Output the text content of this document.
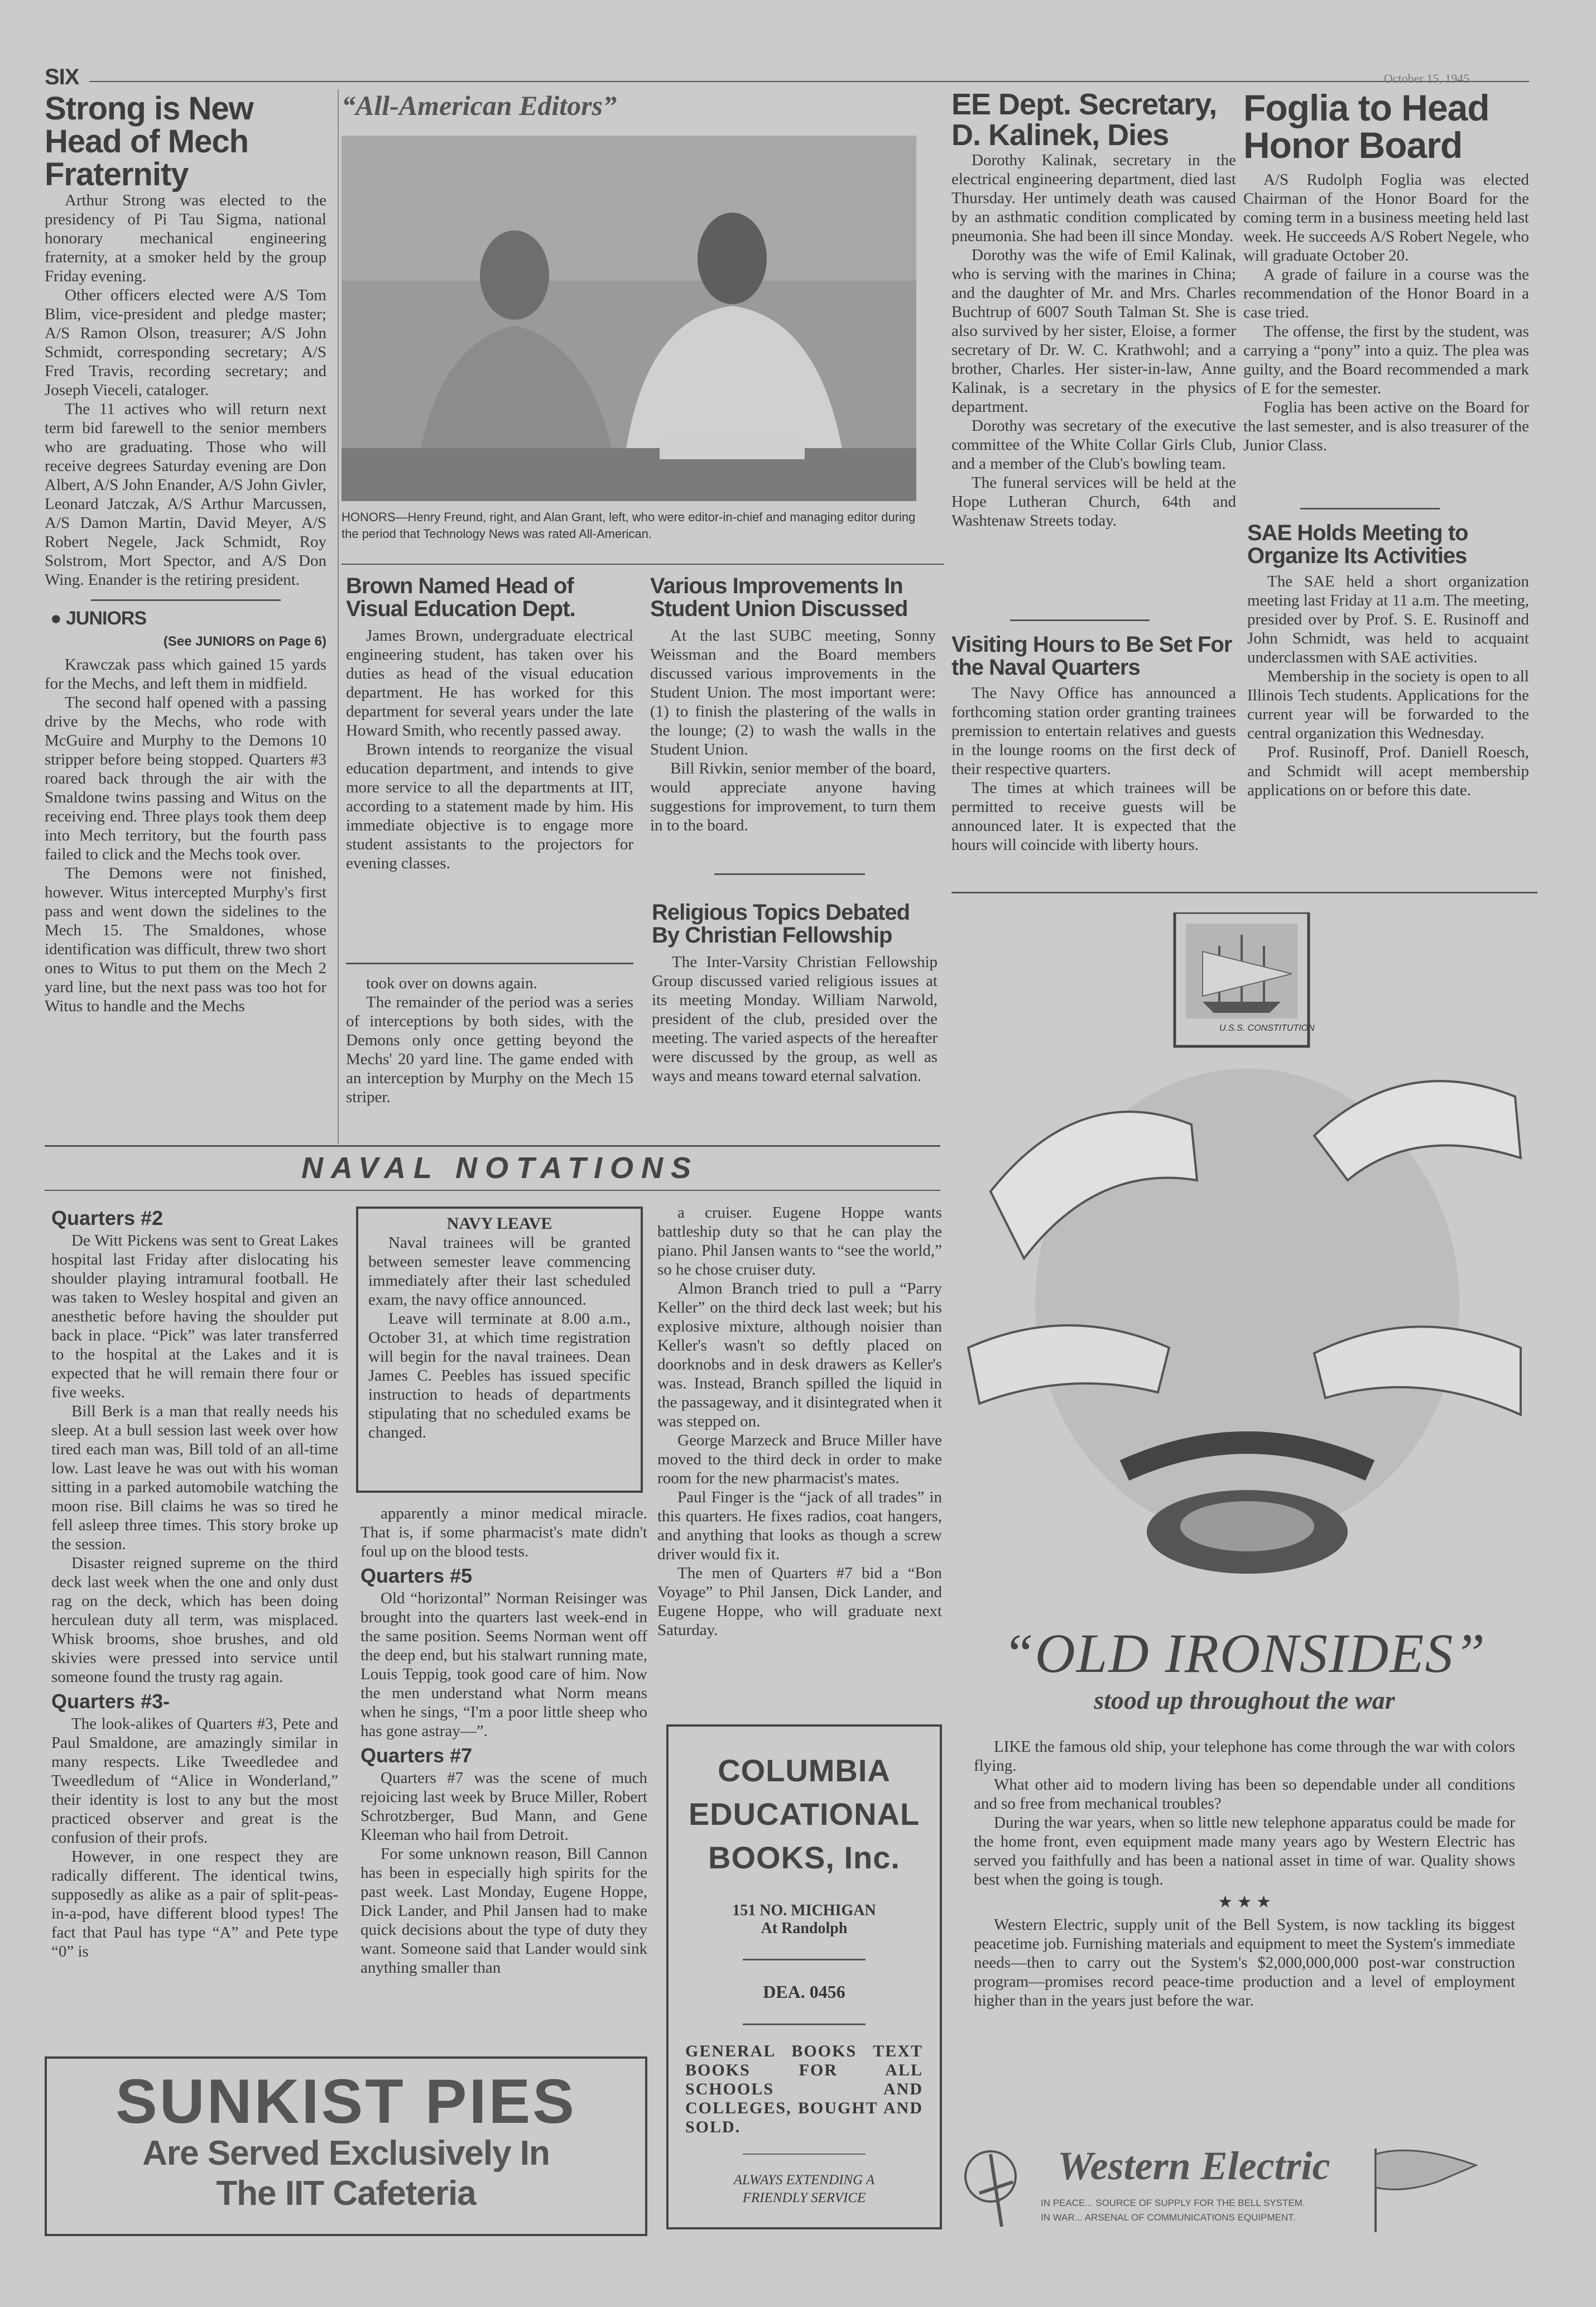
SIX	October 15, 1945
Strong is New Head of Mech Fraternity

Arthur Strong was elected to the presidency of Pi Tau Sigma, national honorary mechanical engineering fraternity, at a smoker held by the group Friday evening.

Other officers elected were A/S Tom Blim, vice-president and pledge master; A/S Ramon Olson, treasurer; A/S John Schmidt, corresponding secretary; A/S Fred Travis, recording secretary; and Joseph Vieceli, cataloger.

The 11 actives who will return next term bid farewell to the senior members who are graduating. Those who will receive degrees Saturday evening are Don Albert, A/S John Enander, A/S John Givler, Leonard Jatczak, A/S Arthur Marcussen, A/S Damon Martin, David Meyer, A/S Robert Negele, Jack Schmidt, Roy Solstrom, Mort Spector, and A/S Don Wing. Enander is the retiring president.

● JUNIORS
(See JUNIORS on Page 6)

Krawczak pass which gained 15 yards for the Mechs, and left them in midfield.

The second half opened with a passing drive by the Mechs, who rode with McGuire and Murphy to the Demons 10 stripper before being stopped. Quarters #3 roared back through the air with the Smaldone twins passing and Witus on the receiving end. Three plays took them deep into Mech territory, but the fourth pass failed to click and the Mechs took over.

The Demons were not finished, however. Witus intercepted Murphy's first pass and went down the sidelines to the Mech 15. The Smaldones, whose identification was difficult, threw two short ones to Witus to put them on the Mech 2 yard line, but the next pass was too hot for Witus to handle and the Mechs

“All-American Editors”
HONORS—Henry Freund, right, and Alan Grant, left, who were editor-in-chief and managing editor during the period that Technology News was rated All-American.
Brown Named Head of Visual Education Dept.

James Brown, undergraduate electrical engineering student, has taken over his duties as head of the visual education department. He has worked for this department for several years under the late Howard Smith, who recently passed away.

Brown intends to reorganize the visual education department, and intends to give more service to all the departments at IIT, according to a statement made by him. His immediate objective is to engage more student assistants to the projectors for evening classes.

took over on downs again.

The remainder of the period was a series of interceptions by both sides, with the Demons only once getting beyond the Mechs' 20 yard line. The game ended with an interception by Murphy on the Mech 15 striper.

Various Improvements In Student Union Discussed

At the last SUBC meeting, Sonny Weissman and the Board members discussed various improvements in the Student Union. The most important were: (1) to finish the plastering of the walls in the lounge; (2) to wash the walls in the Student Union.

Bill Rivkin, senior member of the board, would appreciate anyone having suggestions for improvement, to turn them in to the board.

Religious Topics Debated By Christian Fellowship

The Inter-Varsity Christian Fellowship Group discussed varied religious issues at its meeting Monday. William Narwold, president of the club, presided over the meeting. The varied aspects of the hereafter were discussed by the group, as well as ways and means toward eternal salvation.

EE Dept. Secretary, D. Kalinek, Dies

Dorothy Kalinak, secretary in the electrical engineering department, died last Thursday. Her untimely death was caused by an asthmatic condition complicated by pneumonia. She had been ill since Monday.

Dorothy was the wife of Emil Kalinak, who is serving with the marines in China; and the daughter of Mr. and Mrs. Charles Buchtrup of 6007 South Talman St. She is also survived by her sister, Eloise, a former secretary of Dr. W. C. Krathwohl; and a brother, Charles. Her sister-in-law, Anne Kalinak, is a secretary in the physics department.

Dorothy was secretary of the executive committee of the White Collar Girls Club, and a member of the Club's bowling team.

The funeral services will be held at the Hope Lutheran Church, 64th and Washtenaw Streets today.

Visiting Hours to Be Set For the Naval Quarters

The Navy Office has announced a forthcoming station order granting trainees premission to entertain relatives and guests in the lounge rooms on the first deck of their respective quarters.

The times at which trainees will be permitted to receive guests will be announced later. It is expected that the hours will coincide with liberty hours.

Foglia to Head Honor Board

A/S Rudolph Foglia was elected Chairman of the Honor Board for the coming term in a business meeting held last week. He succeeds A/S Robert Negele, who will graduate October 20.

A grade of failure in a course was the recommendation of the Honor Board in a case tried.

The offense, the first by the student, was carrying a “pony” into a quiz. The plea was guilty, and the Board recommended a mark of E for the semester.

Foglia has been active on the Board for the last semester, and is also treasurer of the Junior Class.

SAE Holds Meeting to Organize Its Activities

The SAE held a short organization meeting last Friday at 11 a.m. The meeting, presided over by Prof. S. E. Rusinoff and John Schmidt, was held to acquaint underclassmen with SAE activities.

Membership in the society is open to all Illinois Tech students. Applications for the current year will be forwarded to the central organization this Wednesday.

Prof. Rusinoff, Prof. Daniell Roesch, and Schmidt will acept membership applications on or before this date.

NAVAL NOTATIONS
Quarters #2

De Witt Pickens was sent to Great Lakes hospital last Friday after dislocating his shoulder playing intramural football. He was taken to Wesley hospital and given an anesthetic before having the shoulder put back in place. “Pick” was later transferred to the hospital at the Lakes and it is expected that he will remain there four or five weeks.

Bill Berk is a man that really needs his sleep. At a bull session last week over how tired each man was, Bill told of an all-time low. Last leave he was out with his woman sitting in a parked automobile watching the moon rise. Bill claims he was so tired he fell asleep three times. This story broke up the session.

Disaster reigned supreme on the third deck last week when the one and only dust rag on the deck, which has been doing herculean duty all term, was misplaced. Whisk brooms, shoe brushes, and old skivies were pressed into service until someone found the trusty rag again.

Quarters #3-

The look-alikes of Quarters #3, Pete and Paul Smaldone, are amazingly similar in many respects. Like Tweedledee and Tweedledum of “Alice in Wonderland,” their identity is lost to any but the most practiced observer and great is the confusion of their profs.

However, in one respect they are radically different. The identical twins, supposedly as alike as a pair of split-peas-in-a-pod, have different blood types! The fact that Paul has type “A” and Pete type “0” is

NAVY LEAVE

Naval trainees will be granted between semester leave commencing immediately after their last scheduled exam, the navy office announced.

Leave will terminate at 8.00 a.m., October 31, at which time registration will begin for the naval trainees. Dean James C. Peebles has issued specific instruction to heads of departments stipulating that no scheduled exams be changed.

apparently a minor medical miracle. That is, if some pharmacist's mate didn't foul up on the blood tests.

Quarters #5

Old “horizontal” Norman Reisinger was brought into the quarters last week-end in the same position. Seems Norman went off the deep end, but his stalwart running mate, Louis Teppig, took good care of him. Now the men understand what Norm means when he sings, “I'm a poor little sheep who has gone astray—”.

Quarters #7

Quarters #7 was the scene of much rejoicing last week by Bruce Miller, Robert Schrotzberger, Bud Mann, and Gene Kleeman who hail from Detroit.

For some unknown reason, Bill Cannon has been in especially high spirits for the past week. Last Monday, Eugene Hoppe, Dick Lander, and Phil Jansen had to make quick decisions about the type of duty they want. Someone said that Lander would sink anything smaller than

a cruiser. Eugene Hoppe wants battleship duty so that he can play the piano. Phil Jansen wants to “see the world,” so he chose cruiser duty.

Almon Branch tried to pull a “Parry Keller” on the third deck last week; but his explosive mixture, although noisier than Keller's wasn't so deftly placed on doorknobs and in desk drawers as Keller's was. Instead, Branch spilled the liquid in the passageway, and it disintegrated when it was stepped on.

George Marzeck and Bruce Miller have moved to the third deck in order to make room for the new pharmacist's mates.

Paul Finger is the “jack of all trades” in this quarters. He fixes radios, coat hangers, and anything that looks as though a screw driver would fix it.

The men of Quarters #7 bid a “Bon Voyage” to Phil Jansen, Dick Lander, and Eugene Hoppe, who will graduate next Saturday.

COLUMBIA EDUCATIONAL BOOKS, Inc.
151 NO. MICHIGAN
At Randolph
DEA. 0456
GENERAL BOOKS TEXT BOOKS FOR ALL SCHOOLS AND COLLEGES, BOUGHT AND SOLD.
ALWAYS EXTENDING A FRIENDLY SERVICE
SUNKIST PIES
Are Served Exclusively In The IIT Cafeteria
U.S.S. CONSTITUTION
“OLD IRONSIDES”
stood up throughout the war

LIKE the famous old ship, your telephone has come through the war with colors flying.

What other aid to modern living has been so dependable under all conditions and so free from mechanical troubles?

During the war years, when so little new telephone apparatus could be made for the home front, even equipment made many years ago by Western Electric has served you faithfully and has been a national asset in time of war. Quality shows best when the going is tough.

★ ★ ★

Western Electric, supply unit of the Bell System, is now tackling its biggest peacetime job. Furnishing materials and equipment to meet the System's immediate needs—then to carry out the System's $2,000,000,000 post-war construction program—promises record peace-time production and a level of employment higher than in the years just before the war.

Western Electric
IN PEACE... SOURCE OF SUPPLY FOR THE BELL SYSTEM.
IN WAR... ARSENAL OF COMMUNICATIONS EQUIPMENT.
